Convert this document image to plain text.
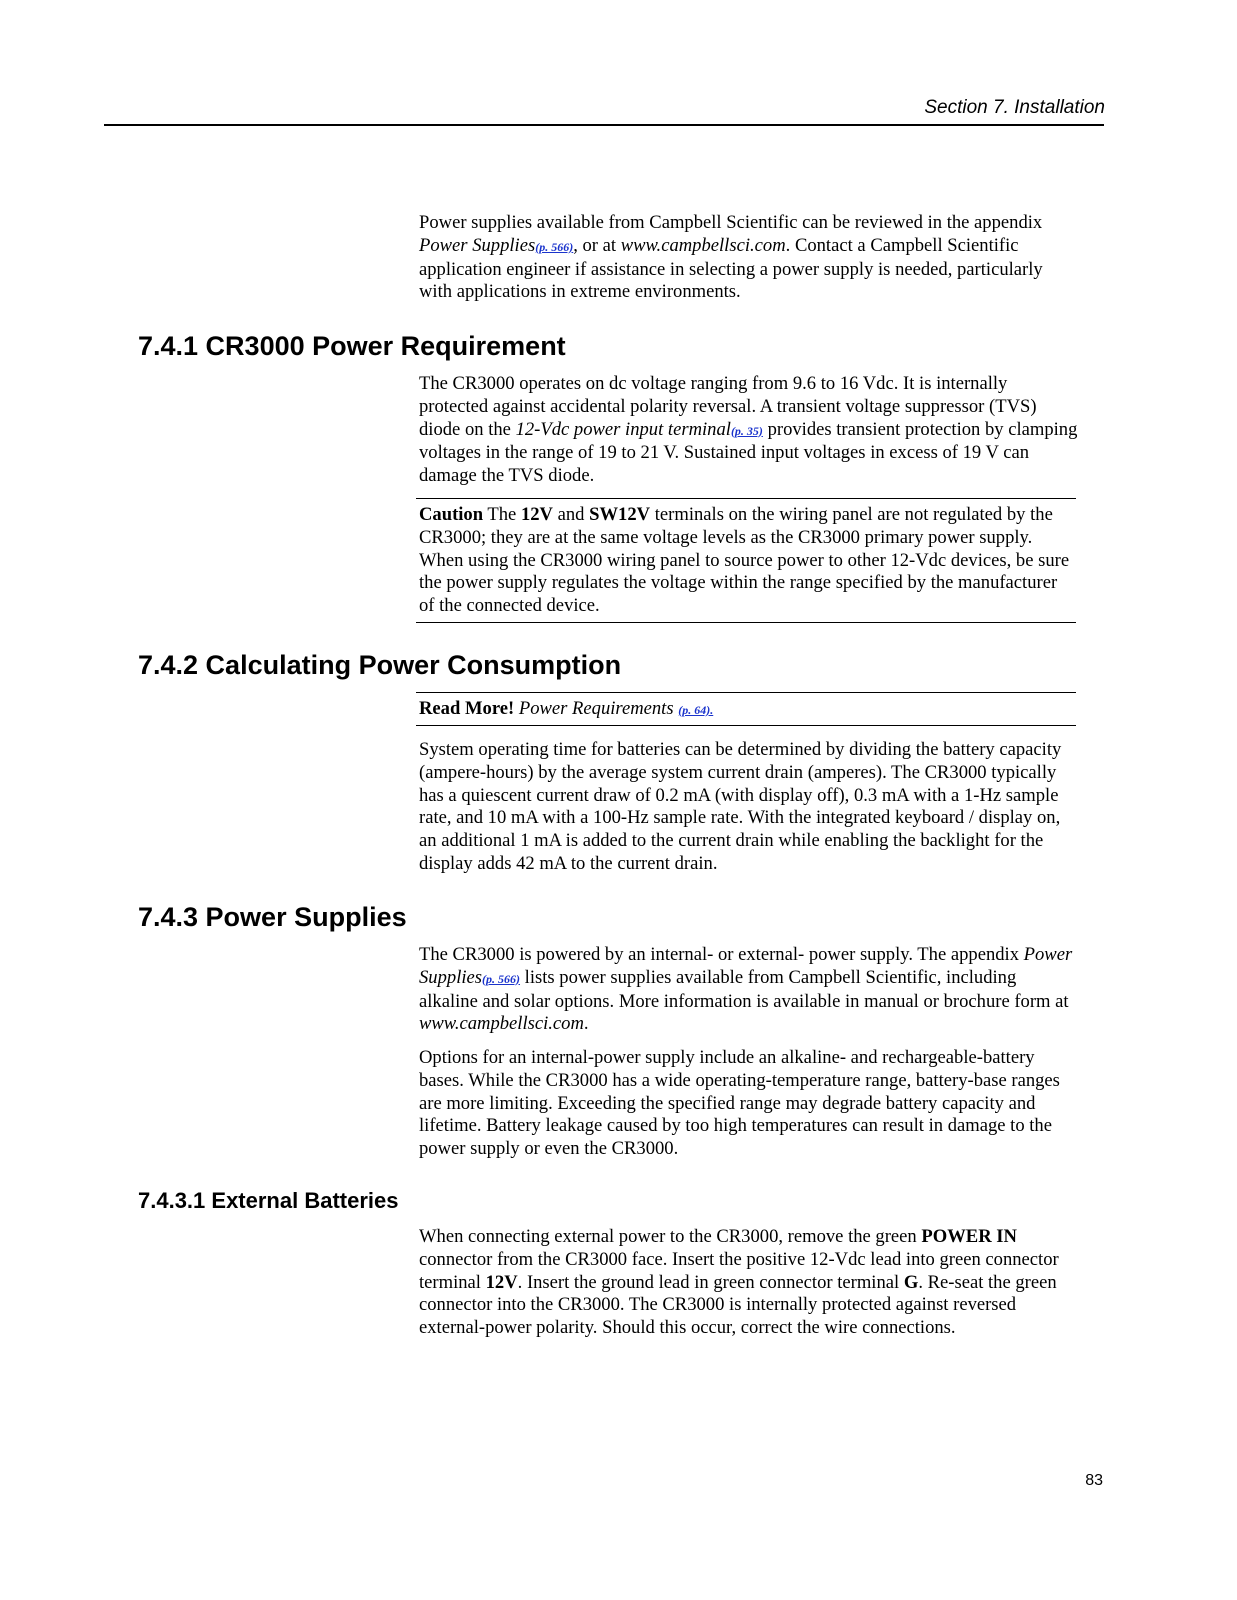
Section 7. Installation

Power supplies available from Campbell Scientific can be reviewed in the appendix Power Supplies(p. 566), or at www.campbellsci.com. Contact a Campbell Scientific application engineer if assistance in selecting a power supply is needed, particularly with applications in extreme environments.

7.4.1 CR3000 Power Requirement

The CR3000 operates on dc voltage ranging from 9.6 to 16 Vdc. It is internally protected against accidental polarity reversal. A transient voltage suppressor (TVS) diode on the 12-Vdc power input terminal(p. 35) provides transient protection by clamping voltages in the range of 19 to 21 V. Sustained input voltages in excess of 19 V can damage the TVS diode.

Caution The 12V and SW12V terminals on the wiring panel are not regulated by the CR3000; they are at the same voltage levels as the CR3000 primary power supply. When using the CR3000 wiring panel to source power to other 12-Vdc devices, be sure the power supply regulates the voltage within the range specified by the manufacturer of the connected device.

7.4.2 Calculating Power Consumption

Read More! Power Requirements (p. 64).

System operating time for batteries can be determined by dividing the battery capacity (ampere-hours) by the average system current drain (amperes). The CR3000 typically has a quiescent current draw of 0.2 mA (with display off), 0.3 mA with a 1-Hz sample rate, and 10 mA with a 100-Hz sample rate. With the integrated keyboard / display on, an additional 1 mA is added to the current drain while enabling the backlight for the display adds 42 mA to the current drain.

7.4.3 Power Supplies

The CR3000 is powered by an internal- or external- power supply. The appendix Power Supplies(p. 566) lists power supplies available from Campbell Scientific, including alkaline and solar options. More information is available in manual or brochure form at www.campbellsci.com.

Options for an internal-power supply include an alkaline- and rechargeable-battery bases. While the CR3000 has a wide operating-temperature range, battery-base ranges are more limiting. Exceeding the specified range may degrade battery capacity and lifetime. Battery leakage caused by too high temperatures can result in damage to the power supply or even the CR3000.

7.4.3.1 External Batteries

When connecting external power to the CR3000, remove the green POWER IN connector from the CR3000 face. Insert the positive 12-Vdc lead into green connector terminal 12V. Insert the ground lead in green connector terminal G. Re-seat the green connector into the CR3000. The CR3000 is internally protected against reversed external-power polarity. Should this occur, correct the wire connections.

83
